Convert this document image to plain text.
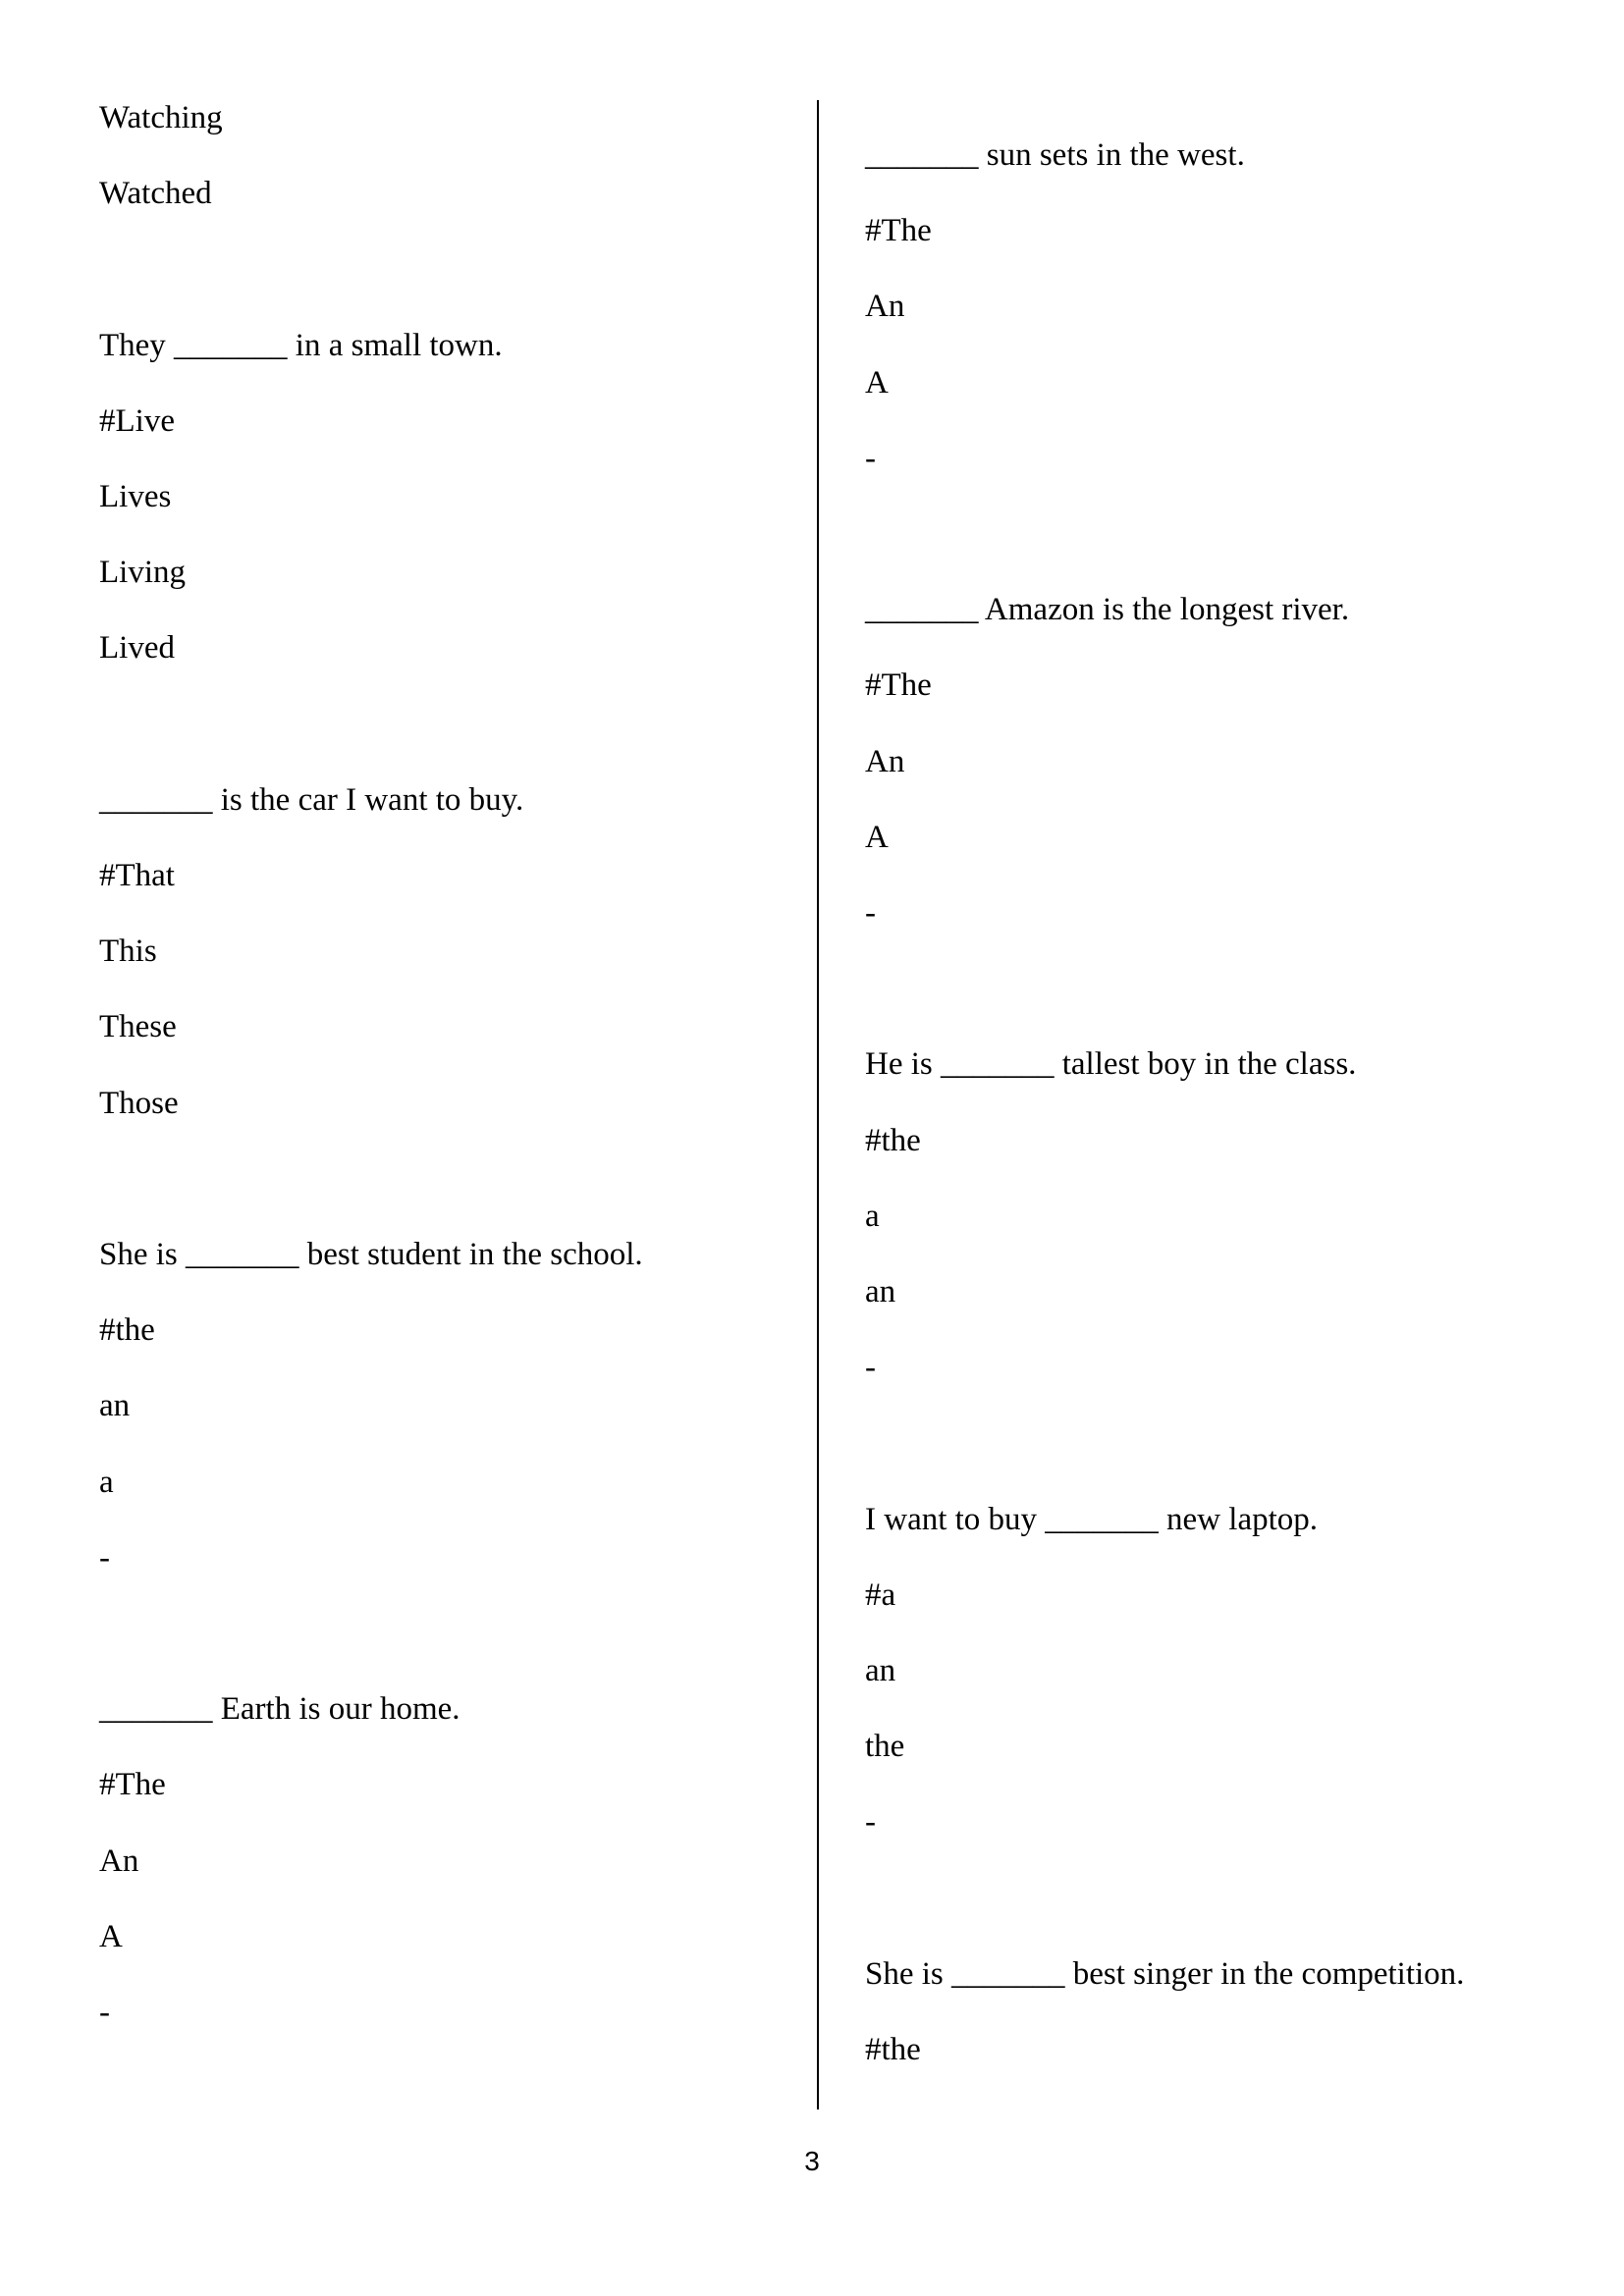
Watching
Watched
They _______ in a small town.
#Live
Lives
Living
Lived
_______ is the car I want to buy.
#That
This
These
Those
She is _______ best student in the school.
#the
an
a
-
_______ Earth is our home.
#The
An
A
-
_______ sun sets in the west.
#The
An
A
-
_______ Amazon is the longest river.
#The
An
A
-
He is _______ tallest boy in the class.
#the
a
an
-
I want to buy _______ new laptop.
#a
an
the
-
She is _______ best singer in the competition.
#the
3
